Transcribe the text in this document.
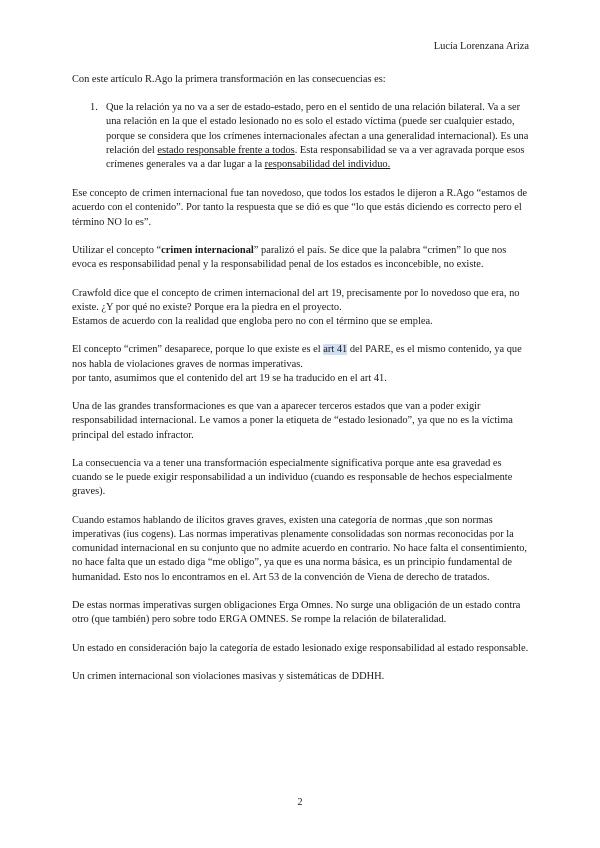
Lucía Lorenzana Ariza

Con este artículo R.Ago la primera transformación en las consecuencias es:

1. Que la relación ya no va a ser de estado-estado, pero en el sentido de una relación bilateral. Va a ser una relación en la que el estado lesionado no es solo el estado víctima (puede ser cualquier estado, porque se considera que los crímenes internacionales afectan a una generalidad internacional). Es una relación del estado responsable frente a todos. Esta responsabilidad se va a ver agravada porque esos crímenes generales va a dar lugar a la responsabilidad del individuo.

Ese concepto de crimen internacional fue tan novedoso, que todos los estados le dijeron a R.Ago “estamos de acuerdo con el contenido”. Por tanto la respuesta que se dió es que “lo que estás diciendo es correcto pero el término NO lo es”.

Utilizar el concepto “crimen internacional” paralizó el país. Se dice que la palabra “crimen” lo que nos evoca es responsabilidad penal y la responsabilidad penal de los estados es inconcebible, no existe.

Crawfold dice que el concepto de crimen internacional del art 19, precisamente por lo novedoso que era, no existe. ¿Y por qué no existe? Porque era la piedra en el proyecto.
Estamos de acuerdo con la realidad que engloba pero no con el término que se emplea.

El concepto “crimen” desaparece, porque lo que existe es el art 41 del PARE, es el mismo contenido, ya que nos habla de violaciones graves de normas imperativas.
por tanto, asumimos que el contenido del art 19 se ha traducido en el art 41.

Una de las grandes transformaciones es que van a aparecer terceros estados que van a poder exigir responsabilidad internacional. Le vamos a poner la etiqueta de “estado lesionado”, ya que no es la víctima principal del estado infractor.

La consecuencia va a tener una transformación especialmente significativa porque ante esa gravedad es cuando se le puede exigir responsabilidad a un individuo (cuando es responsable de hechos especialmente graves).

Cuando estamos hablando de ilícitos graves graves, existen una categoría de normas ,que son normas imperativas (ius cogens). Las normas imperativas plenamente consolidadas son normas reconocidas por la comunidad internacional en su conjunto que no admite acuerdo en contrario. No hace falta el consentimiento, no hace falta que un estado diga “me obligo”, ya que es una norma básica, es un principio fundamental de humanidad. Esto nos lo encontramos en el. Art 53 de la convención de Viena de derecho de tratados.

De estas normas imperativas surgen obligaciones Erga Omnes. No surge una obligación de un estado contra otro (que también) pero sobre todo ERGA OMNES. Se rompe la relación de bilateralidad.

Un estado en consideración bajo la categoría de estado lesionado exige responsabilidad al estado responsable.

Un crimen internacional son violaciones masivas y sistemáticas de DDHH.

2
